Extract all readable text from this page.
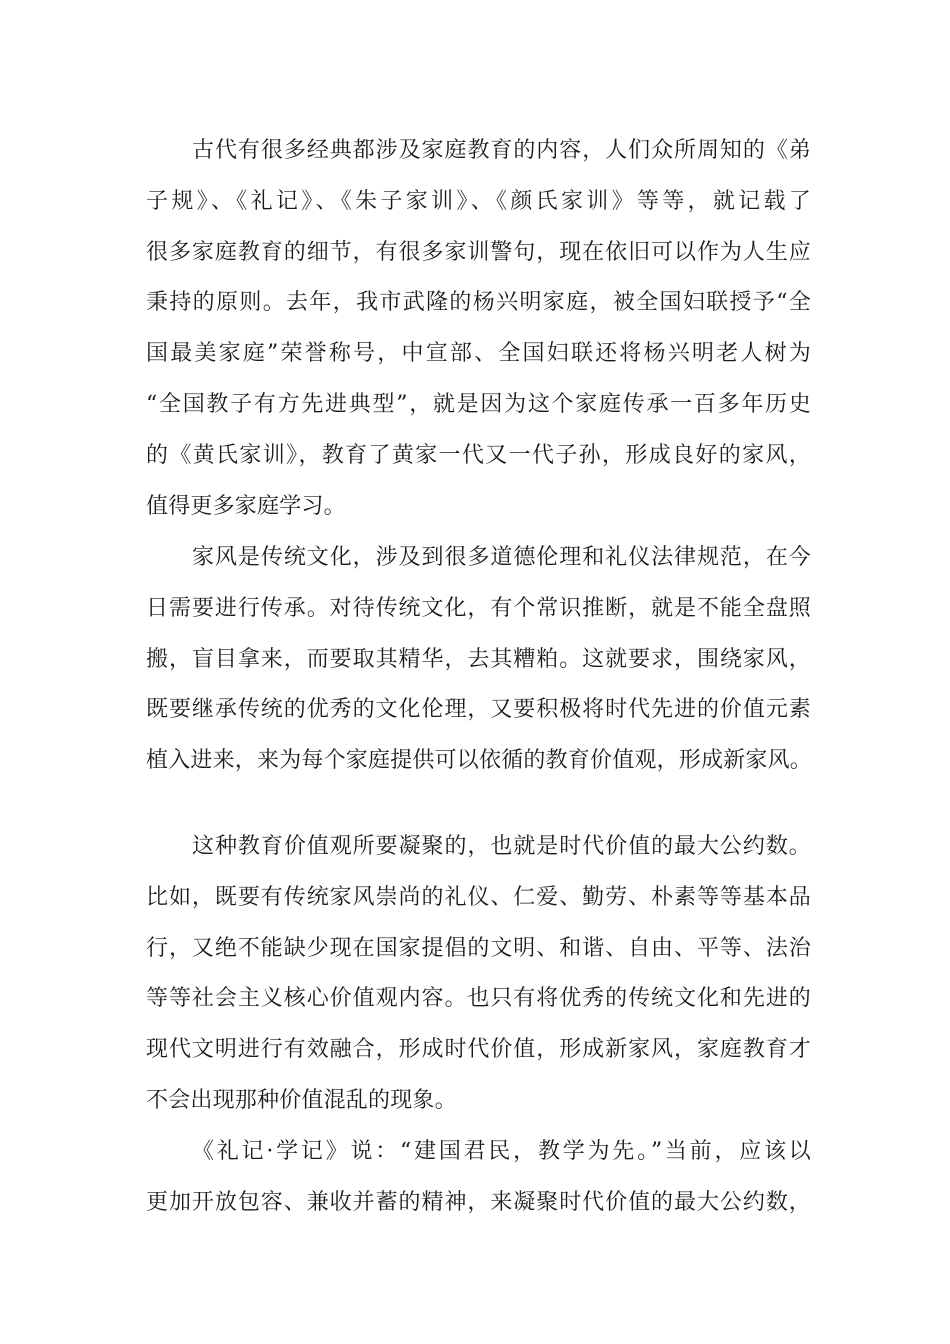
古代有很多经典都涉及家庭教育的内容，人们众所周知的《弟
子规》、《礼记》、《朱子家训》、《颜氏家训》等等，就记载了
很多家庭教育的细节，有很多家训警句，现在依旧可以作为人生应
秉持的原则。去年，我市武隆的杨兴明家庭，被全国妇联授予“全
国最美家庭”荣誉称号，中宣部、全国妇联还将杨兴明老人树为
“全国教子有方先进典型”，就是因为这个家庭传承一百多年历史
的《黄氏家训》，教育了黄家一代又一代子孙，形成良好的家风，
值得更多家庭学习。

家风是传统文化，涉及到很多道德伦理和礼仪法律规范，在今
日需要进行传承。对待传统文化，有个常识推断，就是不能全盘照
搬，盲目拿来，而要取其精华，去其糟粕。这就要求，围绕家风，
既要继承传统的优秀的文化伦理，又要积极将时代先进的价值元素
植入进来，来为每个家庭提供可以依循的教育价值观，形成新家风。

这种教育价值观所要凝聚的，也就是时代价值的最大公约数。
比如，既要有传统家风崇尚的礼仪、仁爱、勤劳、朴素等等基本品
行，又绝不能缺少现在国家提倡的文明、和谐、自由、平等、法治
等等社会主义核心价值观内容。也只有将优秀的传统文化和先进的
现代文明进行有效融合，形成时代价值，形成新家风，家庭教育才
不会出现那种价值混乱的现象。

《礼记·学记》说：“建国君民，教学为先。”当前，应该以
更加开放包容、兼收并蓄的精神，来凝聚时代价值的最大公约数，
